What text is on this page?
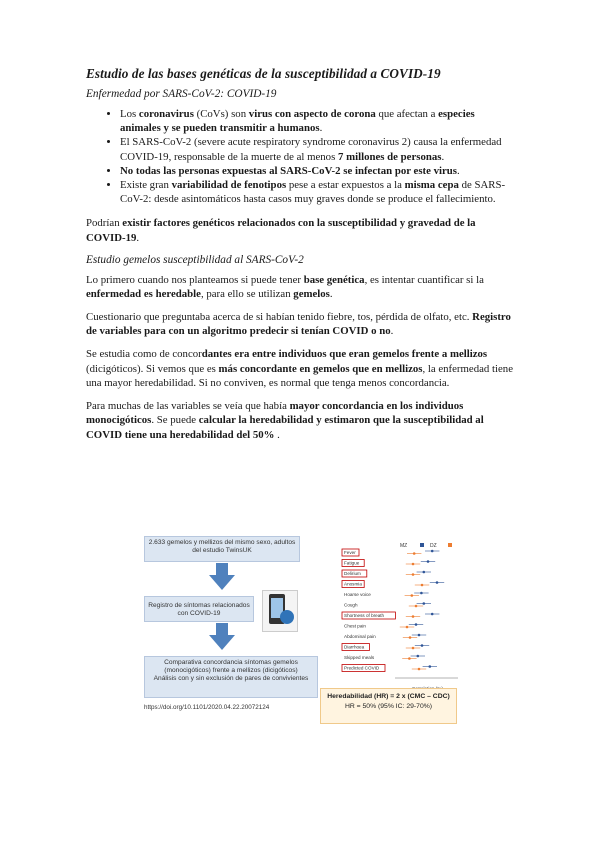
Estudio de las bases genéticas de la susceptibilidad a COVID-19
Enfermedad por SARS-CoV-2: COVID-19
• Los coronavirus (CoVs) son virus con aspecto de corona que afectan a especies animales y se pueden transmitir a humanos.
• El SARS-CoV-2 (severe acute respiratory syndrome coronavirus 2) causa la enfermedad COVID-19, responsable de la muerte de al menos 7 millones de personas.
• No todas las personas expuestas al SARS-CoV-2 se infectan por este virus.
• Existe gran variabilidad de fenotipos pese a estar expuestos a la misma cepa de SARS-CoV-2: desde asintomáticos hasta casos muy graves donde se produce el fallecimiento.

Podrían existir factores genéticos relacionados con la susceptibilidad y gravedad de la COVID-19.

Estudio gemelos susceptibilidad al SARS-CoV-2

Lo primero cuando nos planteamos si puede tener base genética, es intentar cuantificar si la enfermedad es heredable, para ello se utilizan gemelos.

Cuestionario que preguntaba acerca de si habían tenido fiebre, tos, pérdida de olfato, etc. Registro de variables para con un algoritmo predecir si tenían COVID o no.

Se estudia como de concordantes era entre individuos que eran gemelos frente a mellizos (dicigóticos). Si vemos que es más concordante en gemelos que en mellizos, la enfermedad tiene una mayor heredabilidad. Si no conviven, es normal que tenga menos concordancia.

Para muchas de las variables se veía que había mayor concordancia en los individuos monocigóticos. Se puede calcular la heredabilidad y estimaron que la susceptibilidad al COVID tiene una heredabilidad del 50% .

2.633 gemelos y mellizos del mismo sexo, adultos del estudio TwinsUK
Registro de síntomas relacionados con COVID-19
Comparativa concordancia síntomas gemelos (monocigóticos) frente a mellizos (dicigóticos)
Análisis con y sin exclusión de pares de convivientes
https://doi.org/10.1101/2020.04.22.20072124
MZ	DZ
Fever
Fatigue
Delirium
Anosmia
Hoarse voice
Cough
Shortness of breath
Chest pain
Abdominal pain
Diarrhoea
Skipped meals
Predicted COVID
Heredabilidad (HR) = 2 x (CMC – CDC)
HR = 50% (95% IC: 29-70%)
